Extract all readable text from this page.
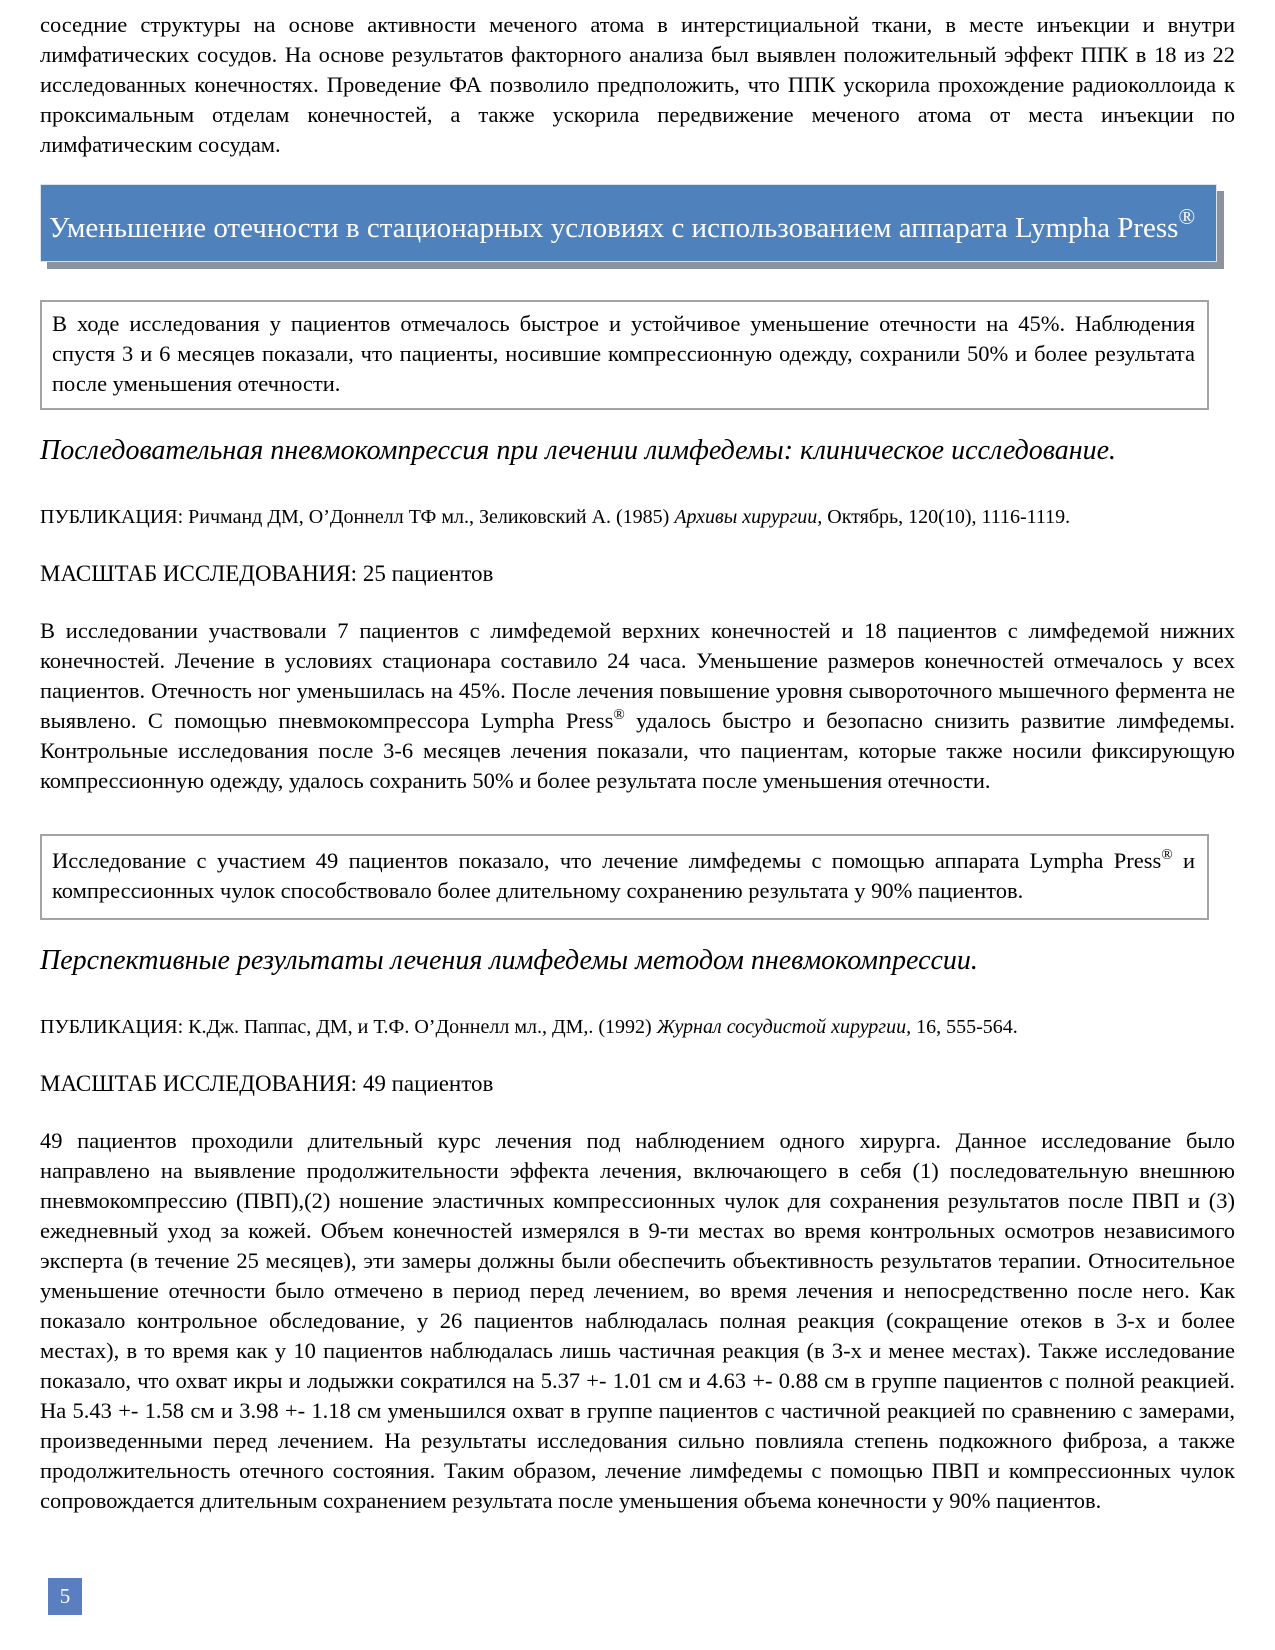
соседние структуры на основе активности меченого атома в интерстициальной ткани, в месте инъекции и внутри лимфатических сосудов. На основе результатов факторного анализа был выявлен положительный эффект ППК в 18 из 22 исследованных конечностях. Проведение ФА позволило предположить, что ППК ускорила прохождение радиоколлоида к проксимальным отделам конечностей, а также ускорила передвижение меченого атома от места инъекции по лимфатическим сосудам.

Уменьшение отечности в стационарных условиях с использованием аппарата Lympha Press®
В ходе исследования у пациентов отмечалось быстрое и устойчивое уменьшение отечности на 45%. Наблюдения спустя 3 и 6 месяцев показали, что пациенты, носившие компрессионную одежду, сохранили 50% и более результата после уменьшения отечности.
Последовательная пневмокомпрессия при лечении лимфедемы: клиническое исследование.

ПУБЛИКАЦИЯ: Ричманд ДМ, О’Доннелл ТФ мл., Зеликовский А. (1985) Архивы хирургии, Октябрь, 120(10), 1116-1119.

МАСШТАБ ИССЛЕДОВАНИЯ: 25 пациентов

В исследовании участвовали 7 пациентов с лимфедемой верхних конечностей и 18 пациентов с лимфедемой нижних конечностей. Лечение в условиях стационара составило 24 часа. Уменьшение размеров конечностей отмечалось у всех пациентов. Отечность ног уменьшилась на 45%. После лечения повышение уровня сывороточного мышечного фермента не выявлено. С помощью пневмокомпрессора Lympha Press® удалось быстро и безопасно снизить развитие лимфедемы. Контрольные исследования после 3-6 месяцев лечения показали, что пациентам, которые также носили фиксирующую компрессионную одежду, удалось сохранить 50% и более результата после уменьшения отечности.

Исследование с участием 49 пациентов показало, что лечение лимфедемы с помощью аппарата Lympha Press® и компрессионных чулок способствовало более длительному сохранению результата у 90% пациентов.
Перспективные результаты лечения лимфедемы методом пневмокомпрессии.

ПУБЛИКАЦИЯ: К.Дж. Паппас, ДМ, и Т.Ф. О’Доннелл мл., ДМ,. (1992) Журнал сосудистой хирургии, 16, 555-564.

МАСШТАБ ИССЛЕДОВАНИЯ: 49 пациентов

49 пациентов проходили длительный курс лечения под наблюдением одного хирурга. Данное исследование было направлено на выявление продолжительности эффекта лечения, включающего в себя (1) последовательную внешнюю пневмокомпрессию (ПВП),(2) ношение эластичных компрессионных чулок для сохранения результатов после ПВП и (3) ежедневный уход за кожей. Объем конечностей измерялся в 9-ти местах во время контрольных осмотров независимого эксперта (в течение 25 месяцев), эти замеры должны были обеспечить объективность результатов терапии. Относительное уменьшение отечности было отмечено в период перед лечением, во время лечения и непосредственно после него. Как показало контрольное обследование, у 26 пациентов наблюдалась полная реакция (сокращение отеков в 3-х и более местах), в то время как у 10 пациентов наблюдалась лишь частичная реакция (в 3-х и менее местах). Также исследование показало, что охват икры и лодыжки сократился на 5.37 +- 1.01 см и 4.63 +- 0.88 см в группе пациентов с полной реакцией. На 5.43 +- 1.58 см и 3.98 +- 1.18 см уменьшился охват в группе пациентов с частичной реакцией по сравнению с замерами, произведенными перед лечением. На результаты исследования сильно повлияла степень подкожного фиброза, а также продолжительность отечного состояния. Таким образом, лечение лимфедемы с помощью ПВП и компрессионных чулок сопровождается длительным сохранением результата после уменьшения объема конечности у 90% пациентов.

5
